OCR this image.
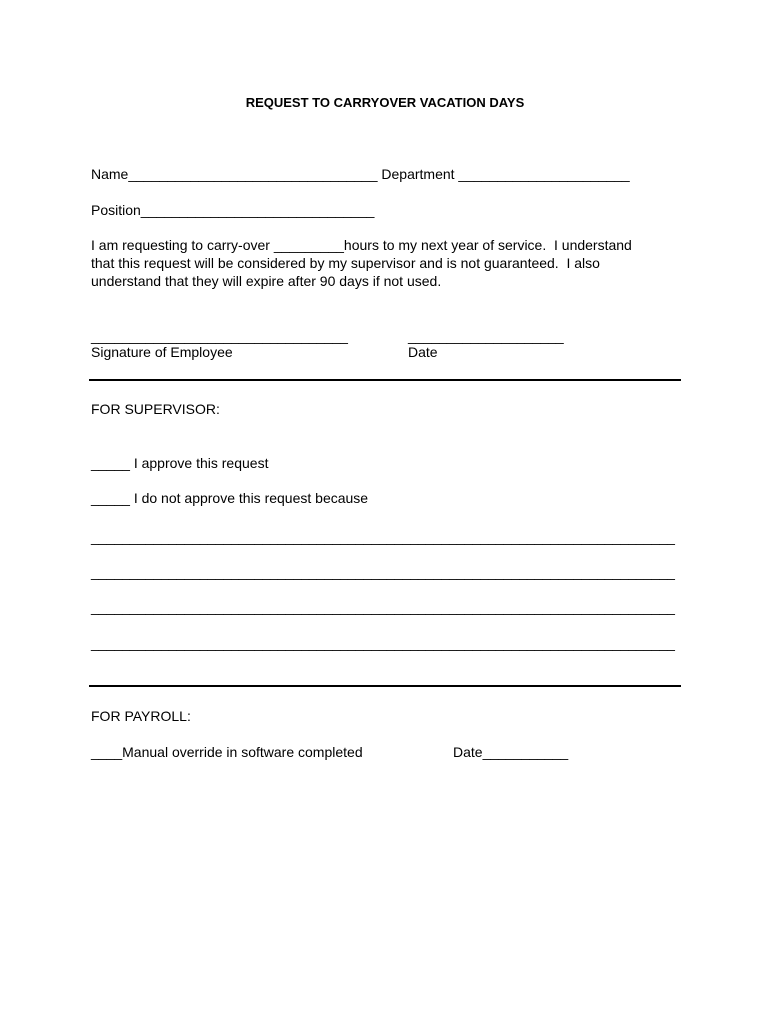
REQUEST TO CARRYOVER VACATION DAYS
Name________________________________ Department ______________________
Position______________________________
I am requesting to carry-over _________hours to my next year of service.  I understand
that this request will be considered by my supervisor and is not guaranteed.  I also
understand that they will expire after 90 days if not used.
_________________________________	____________________
Signature of Employee	Date
FOR SUPERVISOR:
_____ I approve this request
_____ I do not approve this request because
___________________________________________________________________________
___________________________________________________________________________
___________________________________________________________________________
___________________________________________________________________________
FOR PAYROLL:
____Manual override in software completed	Date___________
